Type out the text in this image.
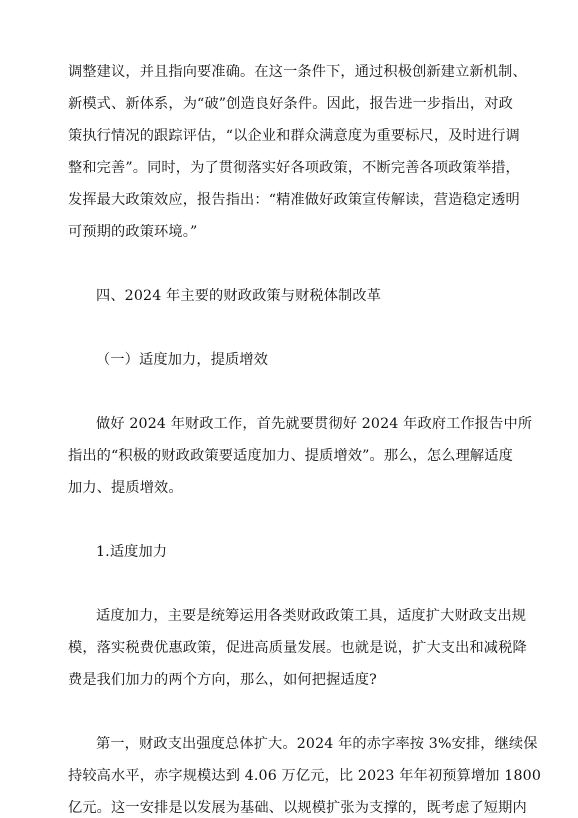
调整建议，并且指向要准确。在这一条件下，通过积极创新建立新机制、
新模式、新体系，为“破”创造良好条件。因此，报告进一步指出，对政
策执行情况的跟踪评估，“以企业和群众满意度为重要标尺，及时进行调
整和完善”。同时，为了贯彻落实好各项政策，不断完善各项政策举措，
发挥最大政策效应，报告指出：“精准做好政策宣传解读，营造稳定透明
可预期的政策环境。”
四、2024 年主要的财政政策与财税体制改革
（一）适度加力，提质增效
做好 2024 年财政工作，首先就要贯彻好 2024 年政府工作报告中所
指出的“积极的财政政策要适度加力、提质增效”。那么，怎么理解适度
加力、提质增效。
1.适度加力
适度加力，主要是统筹运用各类财政政策工具，适度扩大财政支出规
模，落实税费优惠政策，促进高质量发展。也就是说，扩大支出和减税降
费是我们加力的两个方向，那么，如何把握适度?
第一，财政支出强度总体扩大。2024 年的赤字率按 3%安排，继续保
持较高水平，赤字规模达到 4.06 万亿元，比 2023 年年初预算增加 1800
亿元。这一安排是以发展为基础、以规模扩张为支撑的，既考虑了短期内
